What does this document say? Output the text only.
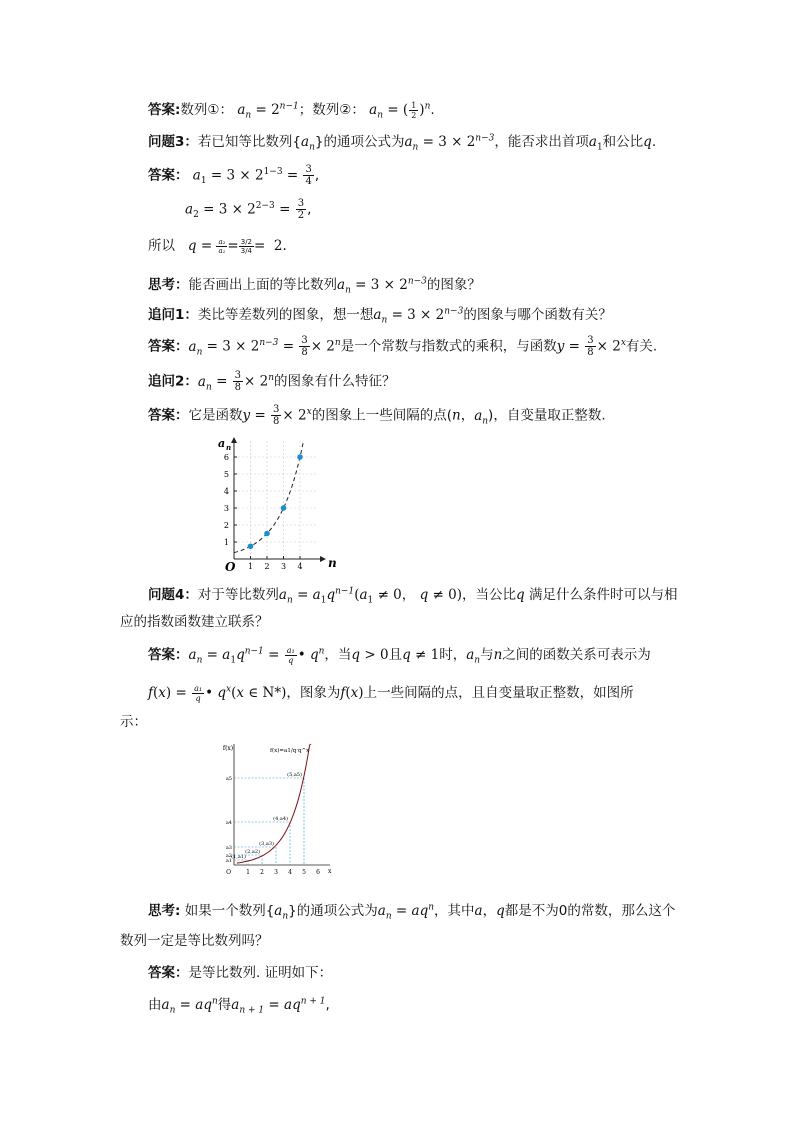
答案:数列①： $a_n = 2^{n-1}$；数列②： $a_n$ = ( $\frac{1}{2} )^n$.
问题3：若已知等比数列$\{a_n\}$的通项公式为$a_n = 3 \times 2^{n-3}$，能否求出首项$a_1$和公比q.
答案： $a_1 = 3 \times 2^{1-3} = \frac{3}{4}$ ,
$a_2 = 3 \times 2^{2-3} = \frac{3}{2}$ ,
所以 $q = \frac{\text{a₂}}{\text{a₁}} = \frac{3/2}{3/4} = 2$.
思考：能否画出上面的等比数列$a_n = 3 \times 2^{n-3}$的图象？
追问1：类比等差数列的图象，想一想$a_n = 3 \times 2^{n-3}$的图象与哪个函数有关？
答案：$a_n = 3 \times 2^{n-3} = \frac{3}{8} \times 2^n$是一个常数与指数式的乘积，与函数$y = \frac{3}{8} \times 2^x$有关.
追问2：$a_n = \frac{3}{8} \times 2^n$的图象有什么特征？
答案：它是函数$y = \frac{3}{8} \times 2^x$的图象上一些间隔的点(n，$a_n$)，自变量取正整数.
1 2 3 4
1
2
3
4
5
6
O	n
a n
问题4：对于等比数列$a_n = a_1q^{n-1}(a_1 \ne 0$， q ≠ 0)，当公比q 满足什么条件时可以与相
应的指数函数建立联系？
答案：$a_n = a_1q^{n-1} = \frac{\text{a₁}}{q}$ • $q^n$，当q > 0且q ≠ 1时，$a_n$与n之间的函数关系可表示为
$f(x) = \frac{\text{a₁}}{q}$ • $q^x(x$ ∈ N*)，图象为f(x)上一些间隔的点，且自变量取正整数，如图所
示：
1 2 3 4 5 6
O	x
f(x)
a1
(1,a1)
a2
(2,a2)
a3
(3,a3)
a4
(4,a4)
a5
(5,a5)
f(x)=a1/q·q^x
思考: 如果一个数列$\{a_n\}$的通项公式为$a_n = aq^n$，其中a，q都是不为0的常数，那么这个
数列一定是等比数列吗？
答案：是等比数列. 证明如下：
由$a_n = aq^n$得$a_{n + 1} = aq^{n + 1}$,
